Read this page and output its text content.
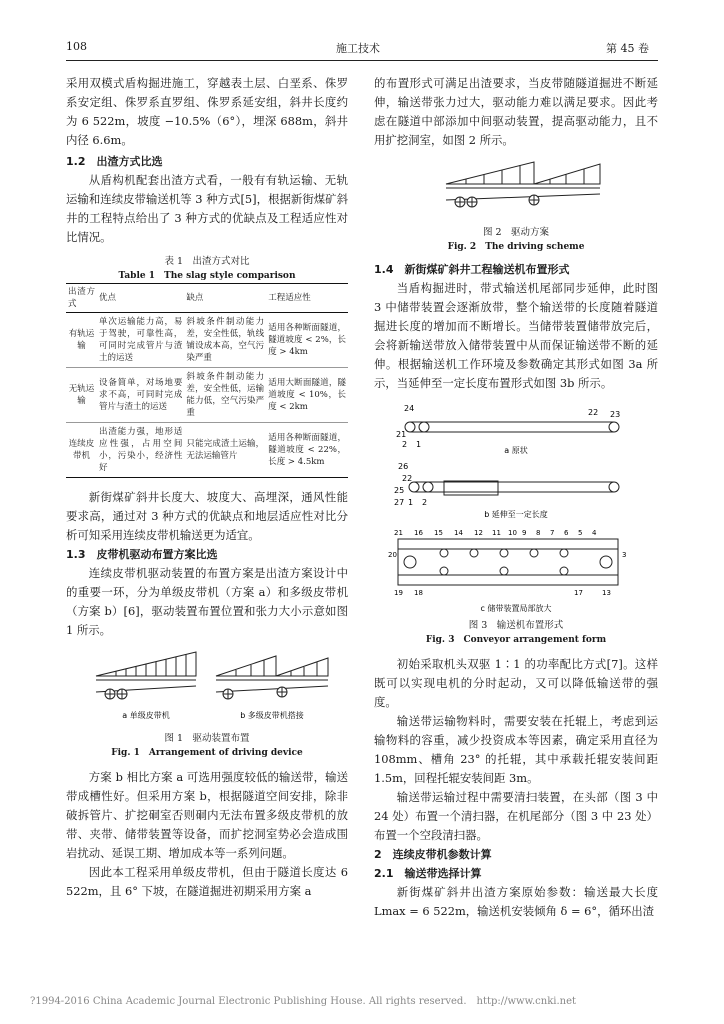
108	施工技术	第 45 卷

采用双模式盾构掘进施工，穿越表土层、白垩系、侏罗系安定组、侏罗系直罗组、侏罗系延安组，斜井长度约为 6 522m，坡度 −10.5%（6°），埋深 688m，斜井内径 6.6m。

1.2　出渣方式比选

从盾构机配套出渣方式看，一般有有轨运输、无轨运输和连续皮带输送机等 3 种方式[5]，根据新街煤矿斜井的工程特点给出了 3 种方式的优缺点及工程适应性对比情况。

表 1　出渣方式对比
Table 1　The slag style comparison
出渣方式	优点	缺点	工程适应性
有轨运输	单次运输能力高，易于驾驶，可靠性高，可同时完成管片与渣土的运送	斜坡条件制动能力差，安全性低，轨线铺设成本高，空气污染严重	适用各种断面隧道，隧道坡度 < 2%，长度 > 4km
无轨运输	设备简单，对场地要求不高，可同时完成管片与渣土的运送	斜坡条件制动能力差，安全性低，运输能力低，空气污染严重	适用大断面隧道，隧道坡度 < 10%，长度 < 2km
连续皮带机	出渣能力强，地形适应性强，占用空间小，污染小，经济性好	只能完成渣土运输，无法运输管片	适用各种断面隧道，隧道坡度 < 22%，长度 > 4.5km

新街煤矿斜井长度大、坡度大、高埋深，通风性能要求高，通过对 3 种方式的优缺点和地层适应性对比分析可知采用连续皮带机输送更为适宜。

1.3　皮带机驱动布置方案比选

连续皮带机驱动装置的布置方案是出渣方案设计中的重要一环，分为单级皮带机（方案 a）和多级皮带机（方案 b）[6]，驱动装置布置位置和张力大小示意如图 1 所示。

a 单级皮带机	b 多级皮带机搭接
图 1　驱动装置布置
Fig. 1　Arrangement of driving device

方案 b 相比方案 a 可选用强度较低的输送带，输送带成槽性好。但采用方案 b，根据隧道空间安排，除非破拆管片、扩挖硐室否则硐内无法布置多级皮带机的放带、夹带、储带装置等设备，而扩挖洞室势必会造成围岩扰动、延误工期、增加成本等一系列问题。

因此本工程采用单级皮带机，但由于隧道长度达 6 522m，且 6° 下坡，在隧道掘进初期采用方案 a

的布置形式可满足出渣要求，当皮带随隧道掘进不断延伸，输送带张力过大，驱动能力难以满足要求。因此考虑在隧道中部添加中间驱动装置，提高驱动能力，且不用扩挖洞室，如图 2 所示。

图 2　驱动方案
Fig. 2　The driving scheme

1.4　新街煤矿斜井工程输送机布置形式

当盾构掘进时，带式输送机尾部同步延伸，此时图 3 中储带装置会逐渐放带，整个输送带的长度随着隧道掘进长度的增加而不断增长。当储带装置储带放完后，会将新输送带放入储带装置中从而保证输送带不断的延伸。根据输送机工作环境及参数确定其形式如图 3a 所示，当延伸至一定长度布置形式如图 3b 所示。

24	22
21
23
2 1
a 原状
26
22
25
1
27 2
b 延伸至一定长度
21
20
16 15 14 12 11 10 9 8 7 6 5 4
3
19 18	17	13
c 储带装置局部放大
图 3　输送机布置形式
Fig. 3　Conveyor arrangement form

初始采取机头双驱 1∶1 的功率配比方式[7]。这样既可以实现电机的分时起动，又可以降低输送带的强度。

输送带运输物料时，需要安装在托辊上，考虑到运输物料的容重，减少投资成本等因素，确定采用直径为 108mm、槽角 23° 的托辊，其中承载托辊安装间距 1.5m，回程托辊安装间距 3m。

输送带运输过程中需要清扫装置，在头部（图 3 中 24 处）布置一个清扫器，在机尾部分（图 3 中 23 处）布置一个空段清扫器。

2　连续皮带机参数计算

2.1　输送带选择计算

新街煤矿斜井出渣方案原始参数：输送最大长度 Lmax = 6 522m，输送机安装倾角 δ = 6°，循环出渣

?1994-2016 China Academic Journal Electronic Publishing House. All rights reserved.　http://www.cnki.net
